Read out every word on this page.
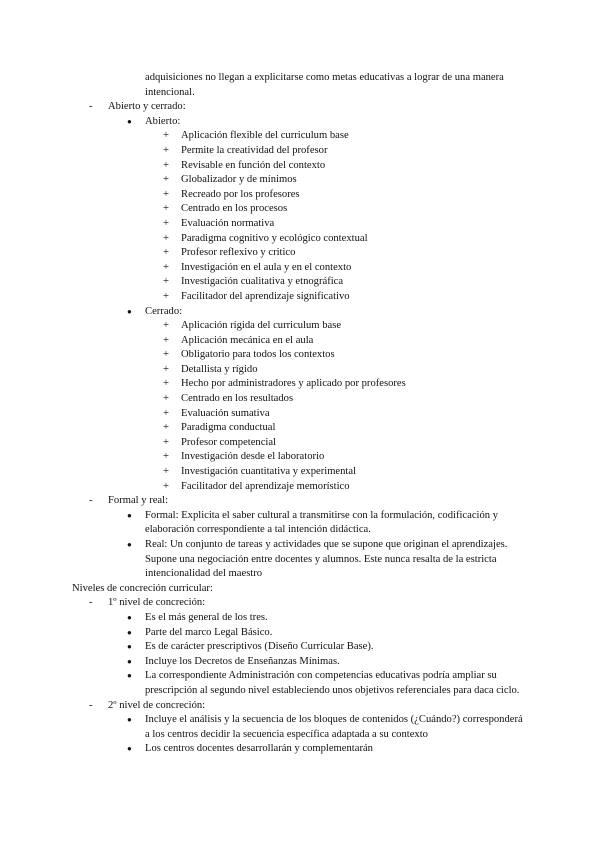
adquisiciones no llegan a explicitarse como metas educativas a lograr de una manera intencional.
- Abierto y cerrado:
● Abierto:
+ Aplicación flexible del curriculum base
+ Permite la creatividad del profesor
+ Revisable en función del contexto
+ Globalizador y de mínimos
+ Recreado por los profesores
+ Centrado en los procesos
+ Evaluación normativa
+ Paradigma cognitivo y ecológico contextual
+ Profesor reflexivo y critico
+ Investigación en el aula y en el contexto
+ Investigación cualitativa y etnográfica
+ Facilitador del aprendizaje significativo
● Cerrado:
+ Aplicación rígida del curriculum base
+ Aplicación mecánica en el aula
+ Obligatorio para todos los contextos
+ Detallista y rígido
+ Hecho por administradores y aplicado por profesores
+ Centrado en los resultados
+ Evaluación sumativa
+ Paradigma conductual
+ Profesor competencial
+ Investigación desde el laboratorio
+ Investigación cuantitativa y experimental
+ Facilitador del aprendizaje memorístico
- Formal y real:
● Formal: Explicita el saber cultural a transmitirse con la formulación, codificación y elaboración correspondiente a tal intención didáctica.
● Real: Un conjunto de tareas y actividades que se supone que originan el aprendizajes. Supone una negociación entre docentes y alumnos. Este nunca resalta de la estricta intencionalidad del maestro
Niveles de concreción curricular:
- 1º nivel de concreción:
● Es el más general de los tres.
● Parte del marco Legal Básico.
● Es de carácter prescriptivos (Diseño Curricular Base).
● Incluye los Decretos de Enseñanzas Mínimas.
● La correspondiente Administración con competencias educativas podría ampliar su prescripción al segundo nivel estableciendo unos objetivos referenciales para daca ciclo.
- 2º nivel de concreción:
● Incluye el análisis y la secuencia de los bloques de contenidos (¿Cuándo?) corresponderá a los centros decidir la secuencia específica adaptada a su contexto
● Los centros docentes desarrollarán y complementarán
